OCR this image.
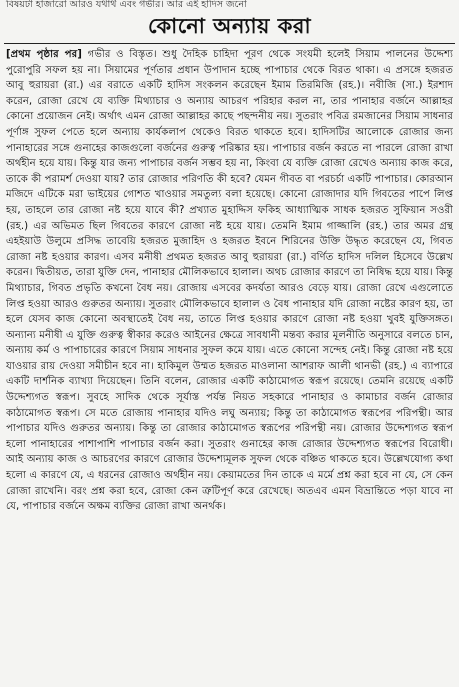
বিষয়টা হাজারো আরও যথার্থ এবং গভীর। আর এই হাদিস জনো
কোনো অন্যায় করা
[প্রথম পৃষ্ঠার পর] গভীর ও বিস্তৃত। শুধু দৈহিক চাহিদা পূরণ থেকে সংযমী হলেই সিয়াম পালনের উদ্দেশ্য পুরোপুরি সফল হয় না। সিয়ামের পূর্ণতার প্রধান উপাদান হচ্ছে পাপাচার থেকে বিরত থাকা। এ প্রসঙ্গে হজরত আবু হুরায়রা (রা.) এর বরাতে একটি হাদিস সংকলন করেছেন ইমাম তিরমিজি (রহ.)। নবীজি (সা.) ইরশাদ করেন, রোজা রেখে যে ব্যক্তি মিথ্যাচার ও অন্যায় আচরণ পরিহার করল না, তার পানাহার বর্জনে আল্লাহর কোনো প্রয়োজন নেই। অর্থাৎ এমন রোজা আল্লাহর কাছে পছন্দনীয় নয়। সুতরাং পবিত্র রমজানের সিয়াম সাধনার পূর্ণাঙ্গ সুফল পেতে হলে অন্যায় কার্যকলাপ থেকেও বিরত থাকতে হবে। হাদিসটির আলোকে রোজার জন্য পানাহারের সঙ্গে গুনাহের কাজগুলো বর্জনের গুরুত্ব পরিষ্কার হয়। পাপাচার বর্জন করতে না পারলে রোজা রাখা অর্থহীন হয়ে যায়। কিন্তু যার জন্য পাপাচার বর্জন সম্ভব হয় না, কিংবা যে ব্যক্তি রোজা রেখেও অন্যায় কাজ করে, তাকে কী পরামর্শ দেওয়া যায়? তার রোজার পরিণতি কী হবে? যেমন গীবত বা পরচর্চা একটি পাপাচার। কোরআন মজিদে এটিকে মরা ভাইয়ের গোশত খাওয়ার সমতুল্য বলা হয়েছে। কোনো রোজাদার যদি গিবতের পাপে লিপ্ত হয়, তাহলে তার রোজা নষ্ট হয়ে যাবে কী? প্রখ্যাত মুহাদ্দিস ফকিহ আধ্যাত্মিক সাধক হজরত সুফিয়ান সওরী (রহ.) এর অভিমত ছিল গিবতের কারণে রোজা নষ্ট হয়ে যায়। তেমনি ইমাম গাজ্জালি (রহ.) তার অমর গ্রন্থ এহইয়াউ উলুমে প্রসিদ্ধ তাবেয়ি হজরত মুজাহিদ ও হজরত ইবনে শিরিনের উক্তি উদ্ধৃত করেছেন যে, গিবত রোজা নষ্ট হওয়ার কারণ। এসব মনীষী প্রথমত হজরত আবু হুরায়রা (রা.) বর্ণিত হাদিস দলিল হিসেবে উল্লেখ করেন। দ্বিতীয়ত, তারা যুক্তি দেন, পানাহার মৌলিকভাবে হালাল। অথচ রোজার কারণে তা নিষিদ্ধ হয়ে যায়। কিন্তু মিথ্যাচার, গিবত প্রভৃতি কখনো বৈধ নয়। রোজায় এসবের কদর্যতা আরও বেড়ে যায়। রোজা রেখে এগুলোতে লিপ্ত হওয়া আরও গুরুতর অন্যায়। সুতরাং মৌলিকভাবে হালাল ও বৈধ পানাহার যদি রোজা নষ্টের কারণ হয়, তা হলে যেসব কাজ কোনো অবস্থাতেই বৈধ নয়, তাতে লিপ্ত হওয়ার কারণে রোজা নষ্ট হওয়া খুবই যুক্তিসঙ্গত। অন্যান্য মনীষী এ যুক্তি গুরুত্ব স্বীকার করেও আইনের ক্ষেত্রে সাবধানী মন্তব্য করার মূলনীতি অনুসারে বলতে চান, অন্যায় কর্ম ও পাপাচারের কারণে সিয়াম সাধনার সুফল কমে যায়। এতে কোনো সন্দেহ নেই। কিন্তু রোজা নষ্ট হয়ে যাওয়ার রায় দেওয়া সমীচীন হবে না। হাকিমুল উম্মত হজরত মাওলানা আশরাফ আলী থানভী (রহ.) এ ব্যাপারে একটি দার্শনিক ব্যাখ্যা দিয়েছেন। তিনি বলেন, রোজার একটি কাঠামোগত স্বরূপ রয়েছে। তেমনি রয়েছে একটি উদ্দেশ্যগত স্বরূপ। সুবহে সাদিক থেকে সূর্যাস্ত পর্যন্ত নিয়ত সহকারে পানাহার ও কামাচার বর্জন রোজার কাঠামোগত স্বরূপ। সে মতে রোজায় পানাহার যদিও লঘু অন্যায়; কিন্তু তা কাঠামোগত স্বরূপের পরিপন্থী। আর পাপাচার যদিও গুরুতর অন্যায়। কিন্তু তা রোজার কাঠামোগত স্বরূপের পরিপন্থী নয়। রোজার উদ্দেশ্যগত স্বরূপ হলো পানাহারের পাশাপাশি পাপাচার বর্জন করা। সুতরাং গুনাহের কাজ রোজার উদ্দেশ্যগত স্বরূপের বিরোধী। আই অন্যায় কাজ ও আচরণের কারণে রোজার উদ্দেশ্যমূলক সুফল থেকে বঞ্চিত থাকতে হবে। উল্লেখযোগ্য কথা হলো এ কারণে যে, এ ধরনের রোজাও অর্থহীন নয়। কেয়ামতের দিন তাকে এ মর্মে প্রশ্ন করা হবে না যে, সে কেন রোজা রাখেনি। বরং প্রশ্ন করা হবে, রোজা কেন ত্রুটিপূর্ণ করে রেখেছে। অতএব এমন বিভ্রান্তিতে পড়া যাবে না যে, পাপাচার বর্জনে অক্ষম ব্যক্তির রোজা রাখা অনর্থক।
